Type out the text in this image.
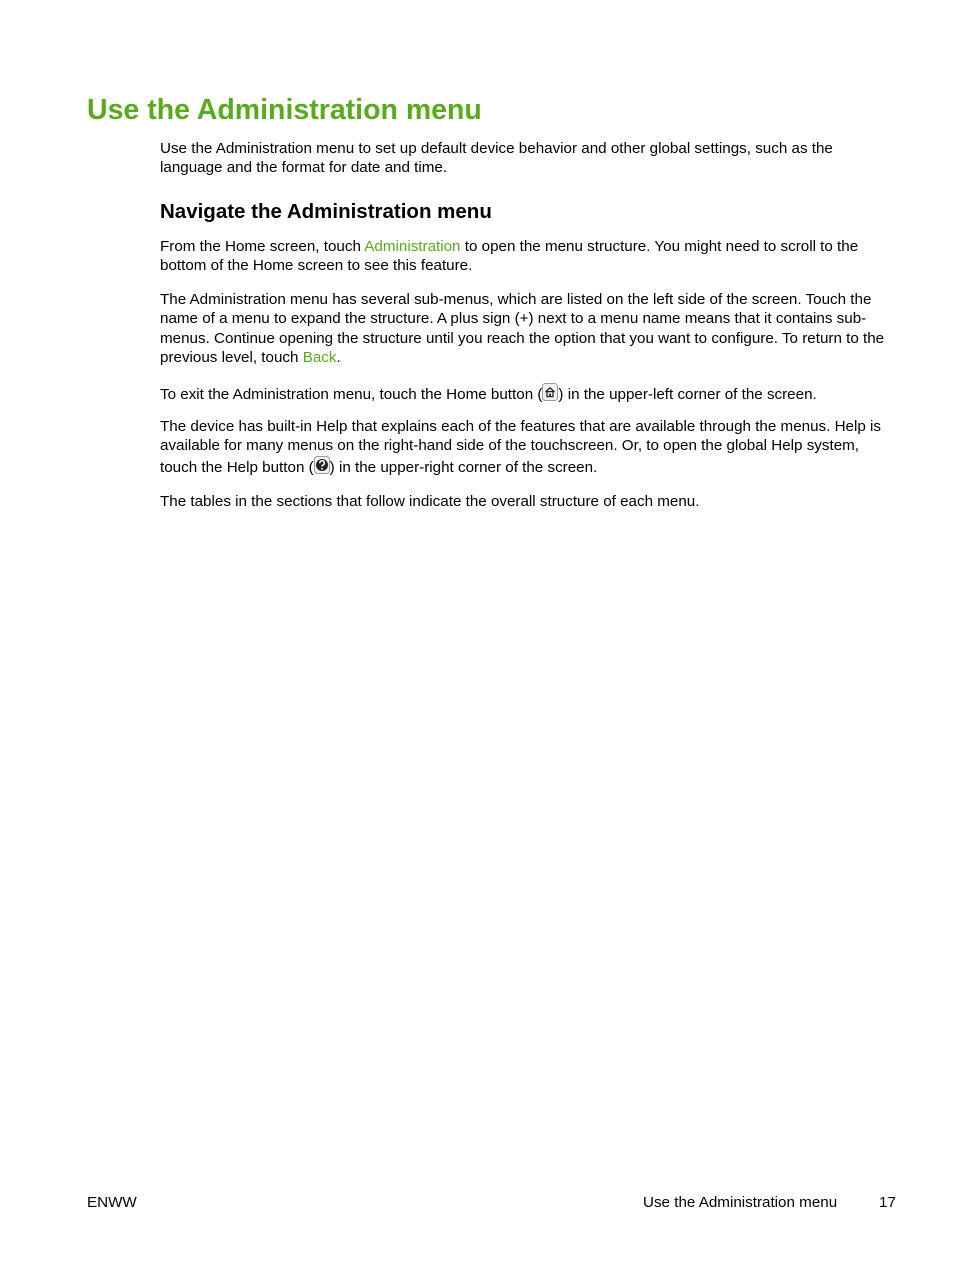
Use the Administration menu

Use the Administration menu to set up default device behavior and other global settings, such as the language and the format for date and time.

Navigate the Administration menu

From the Home screen, touch Administration to open the menu structure. You might need to scroll to the bottom of the Home screen to see this feature.

The Administration menu has several sub-menus, which are listed on the left side of the screen. Touch the name of a menu to expand the structure. A plus sign (+) next to a menu name means that it contains sub-menus. Continue opening the structure until you reach the option that you want to configure. To return to the previous level, touch Back.

To exit the Administration menu, touch the Home button ( ) in the upper-left corner of the screen.

The device has built-in Help that explains each of the features that are available through the menus. Help is available for many menus on the right-hand side of the touchscreen. Or, to open the global Help system, touch the Help button ( ) in the upper-right corner of the screen.

The tables in the sections that follow indicate the overall structure of each menu.

ENWW	Use the Administration menu	17
